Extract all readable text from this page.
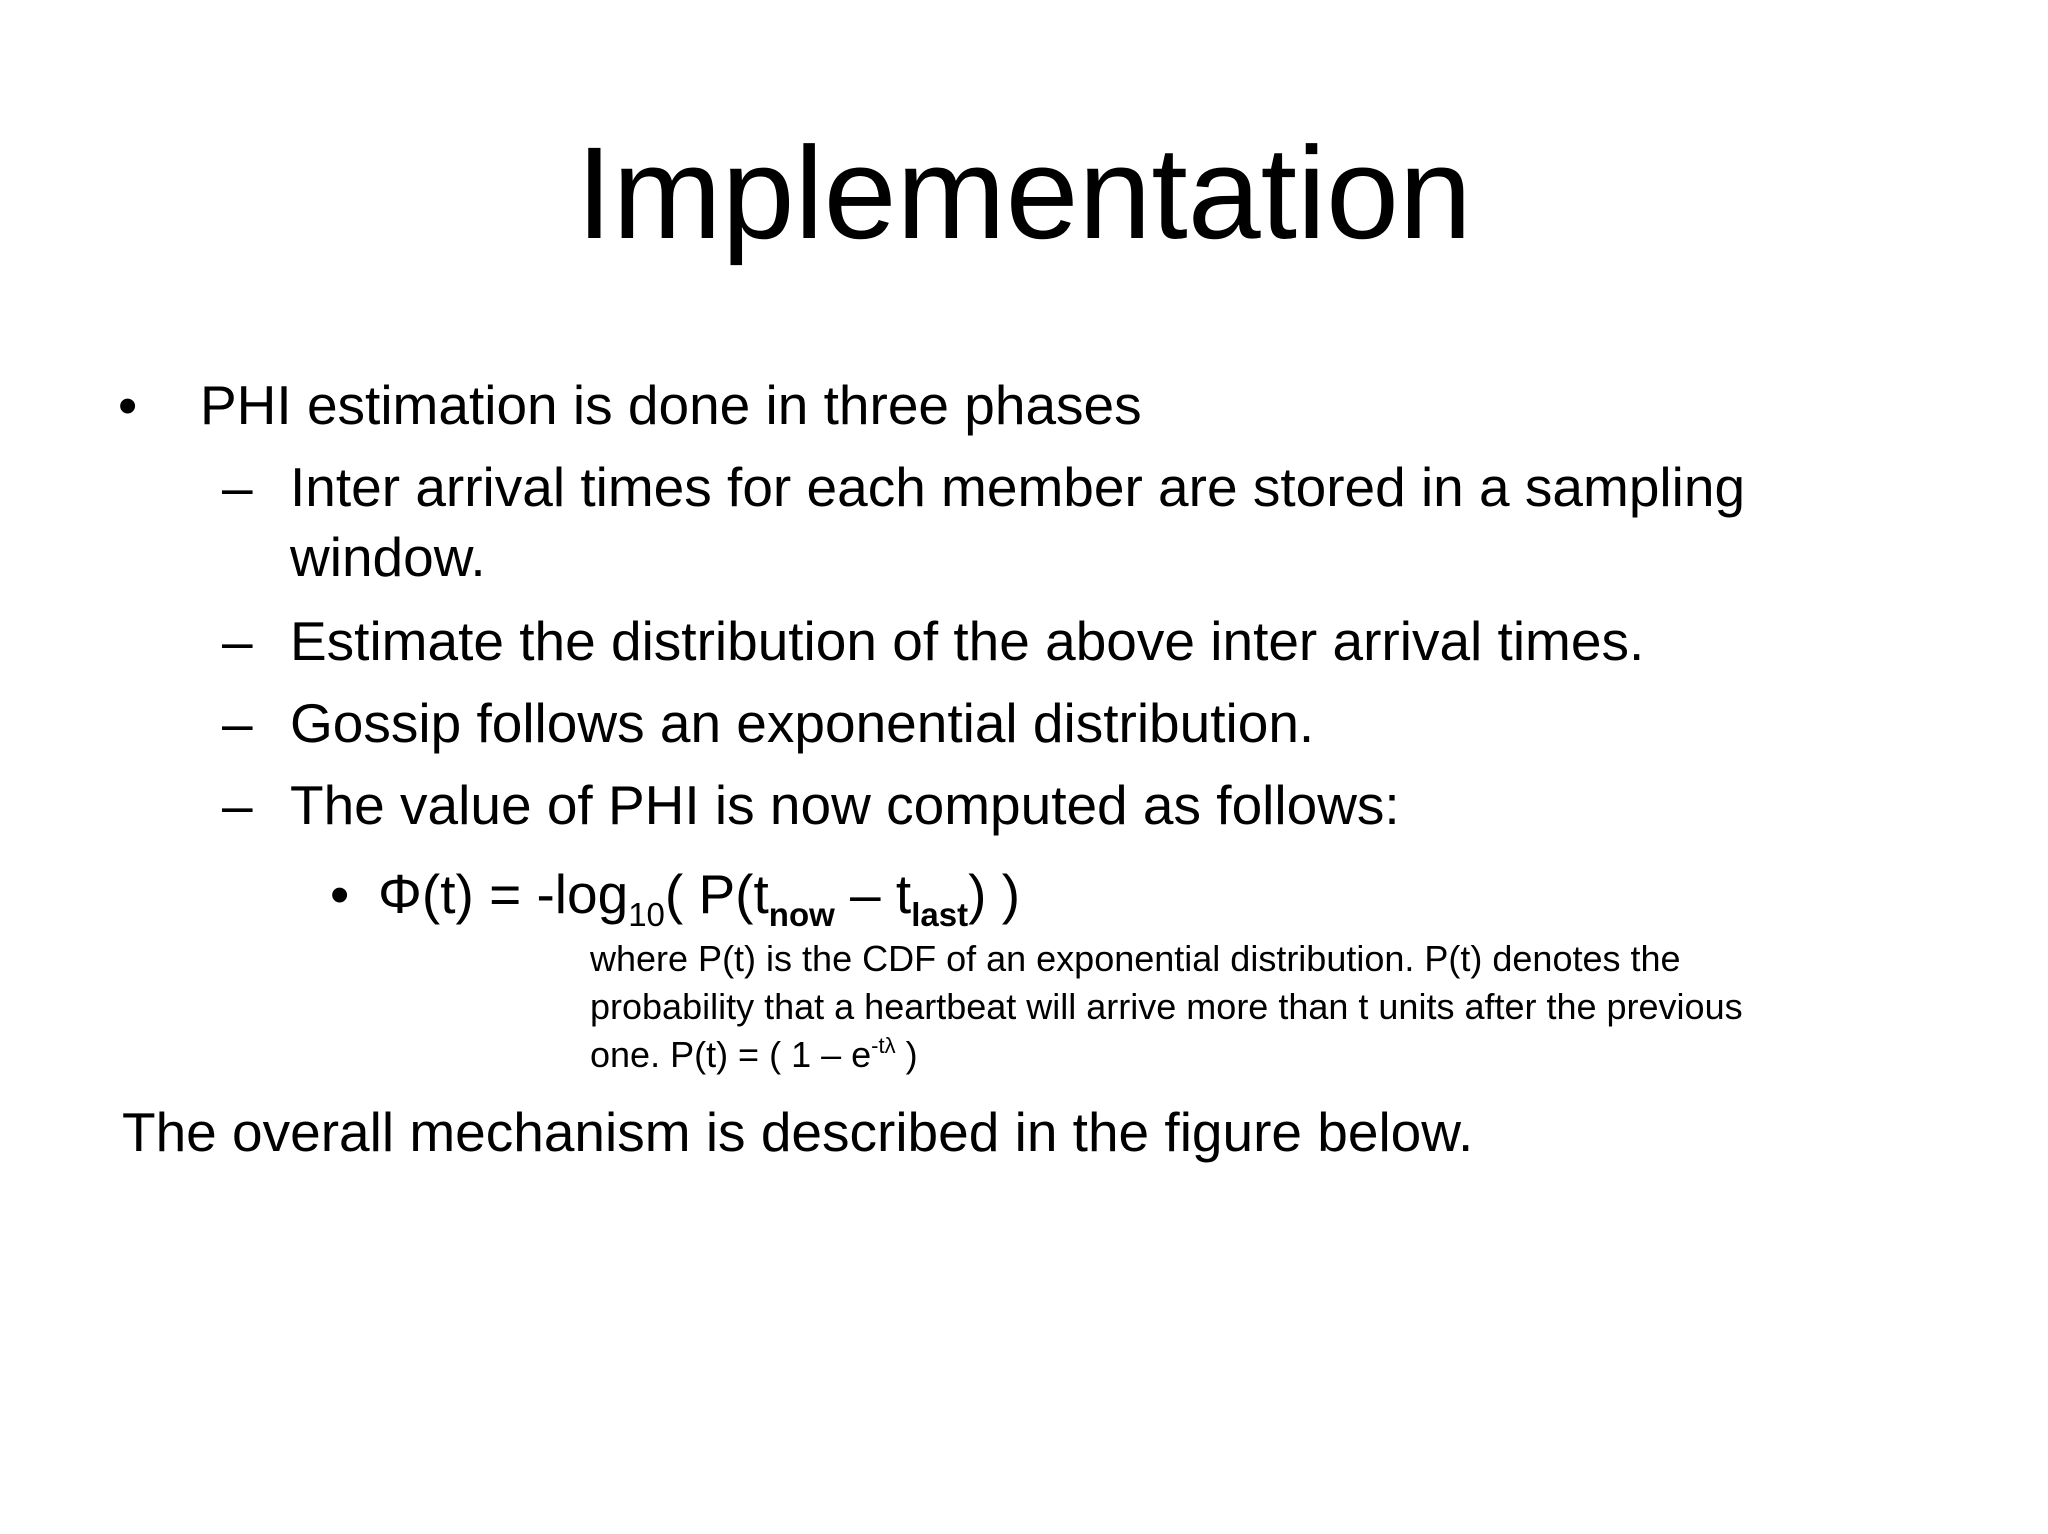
Implementation
• PHI estimation is done in three phases
– Inter arrival times for each member are stored in a sampling
window.
– Estimate the distribution of the above inter arrival times.
– Gossip follows an exponential distribution.
– The value of PHI is now computed as follows:
• $\Phi(t) = -\log_{10}$( $P(t_{now} - t_{last})$ )
where P(t) is the CDF of an exponential distribution. P(t) denotes the
probability that a heartbeat will arrive more than t units after the previous
one. P(t) = ( $1 - e^{-t\lambda}$ )
The overall mechanism is described in the figure below.
